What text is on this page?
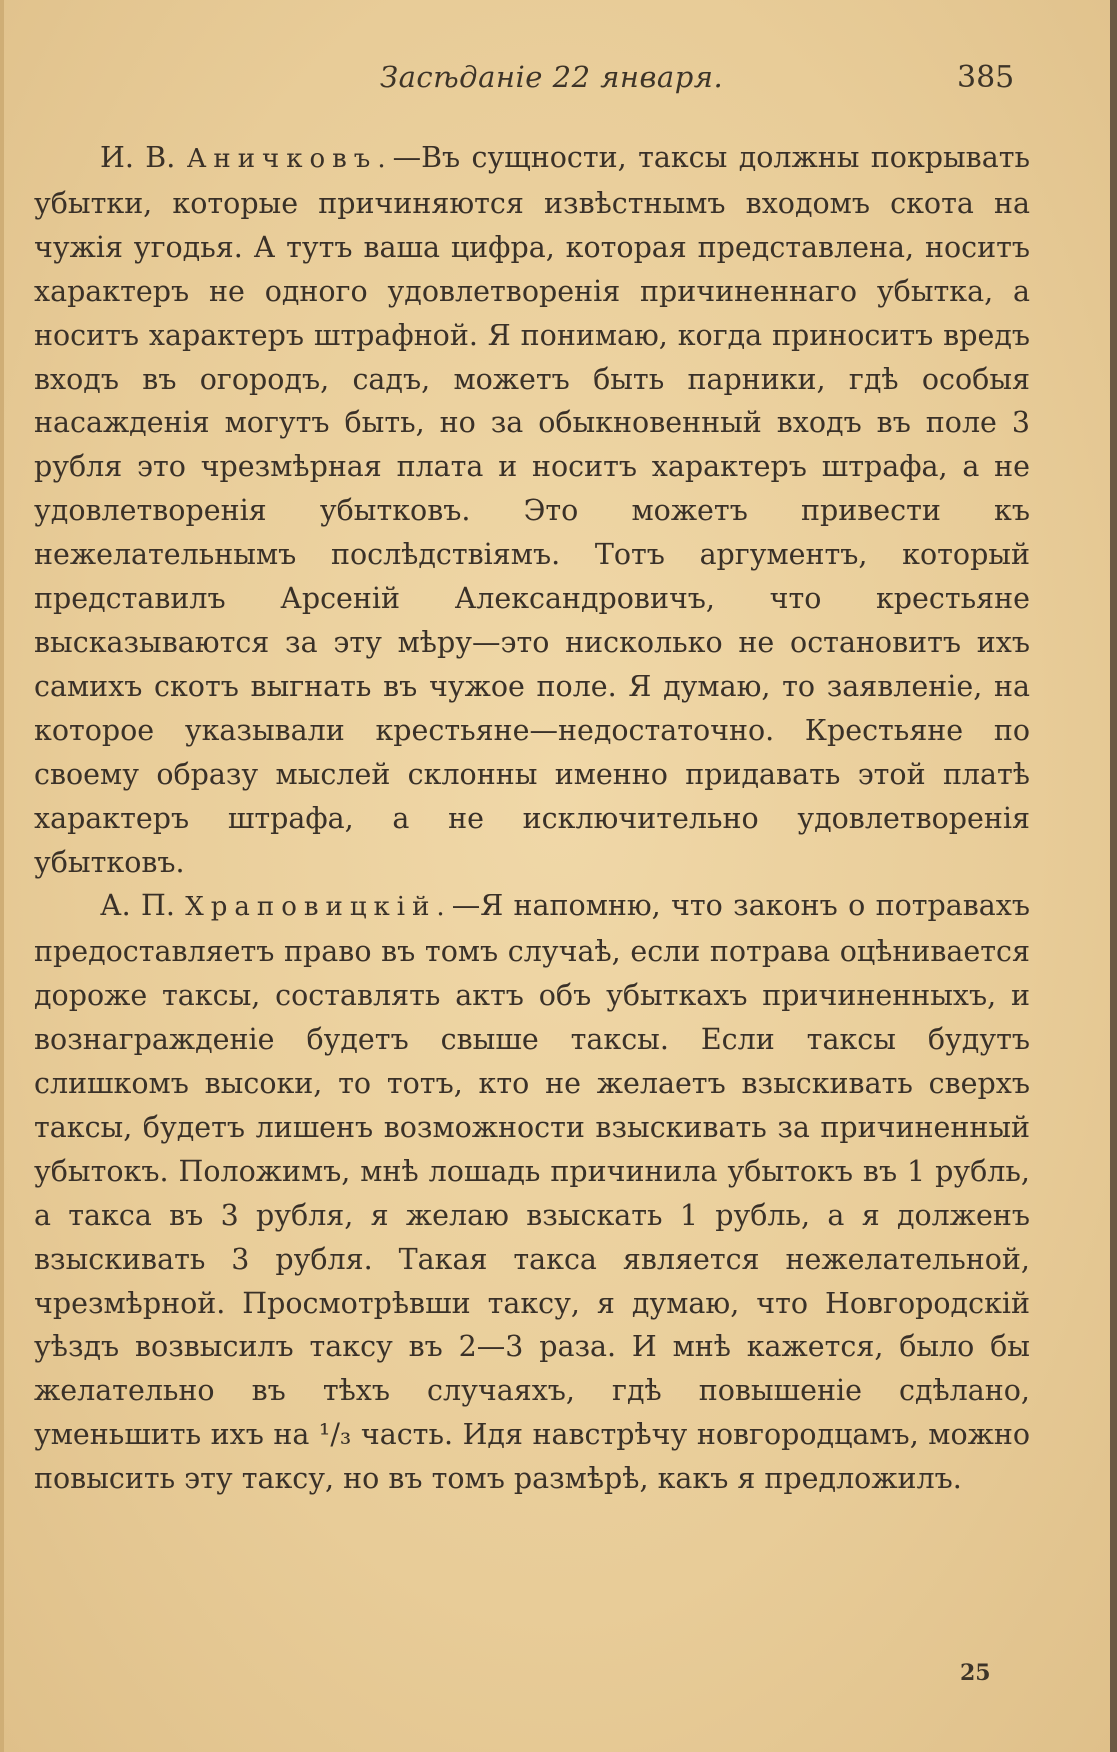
Засѣданіе 22 января.	385

И. В. Аничковъ.—Въ сущности, таксы должны покрывать убытки, которые причиняются извѣстнымъ входомъ скота на чужія угодья. А тутъ ваша цифра, которая представлена, носитъ характеръ не одного удовлетворенія причиненнаго убытка, а носитъ характеръ штрафной. Я понимаю, когда приноситъ вредъ входъ въ огородъ, садъ, можетъ быть парники, гдѣ особыя насажденія могутъ быть, но за обыкновенный входъ въ поле 3 рубля это чрезмѣрная плата и носитъ характеръ штрафа, а не удовлетворенія убытковъ. Это можетъ привести къ нежелательнымъ послѣдствіямъ. Тотъ аргументъ, который представилъ Арсеній Александровичъ, что крестьяне высказываются за эту мѣру—это нисколько не остановитъ ихъ самихъ скотъ выгнать въ чужое поле. Я думаю, то заявленіе, на которое указывали крестьяне—недостаточно. Крестьяне по своему образу мыслей склонны именно придавать этой платѣ характеръ штрафа, а не исключительно удовлетворенія убытковъ.

А. П. Храповицкій.—Я напомню, что законъ о потравахъ предоставляетъ право въ томъ случаѣ, если потрава оцѣнивается дороже таксы, составлять актъ объ убыткахъ причиненныхъ, и вознагражденіе будетъ свыше таксы. Если таксы будутъ слишкомъ высоки, то тотъ, кто не желаетъ взыскивать сверхъ таксы, будетъ лишенъ возможности взыскивать за причиненный убытокъ. Положимъ, мнѣ лошадь причинила убытокъ въ 1 рубль, а такса въ 3 рубля, я желаю взыскать 1 рубль, а я долженъ взыскивать 3 рубля. Такая такса является нежелательной, чрезмѣрной. Просмотрѣвши таксу, я думаю, что Новгородскій уѣздъ возвысилъ таксу въ 2—3 раза. И мнѣ кажется, было бы желательно въ тѣхъ случаяхъ, гдѣ повышеніе сдѣлано, уменьшить ихъ на ¹/₃ часть. Идя навстрѣчу новгородцамъ, можно повысить эту таксу, но въ томъ размѣрѣ, какъ я предложилъ.

25
